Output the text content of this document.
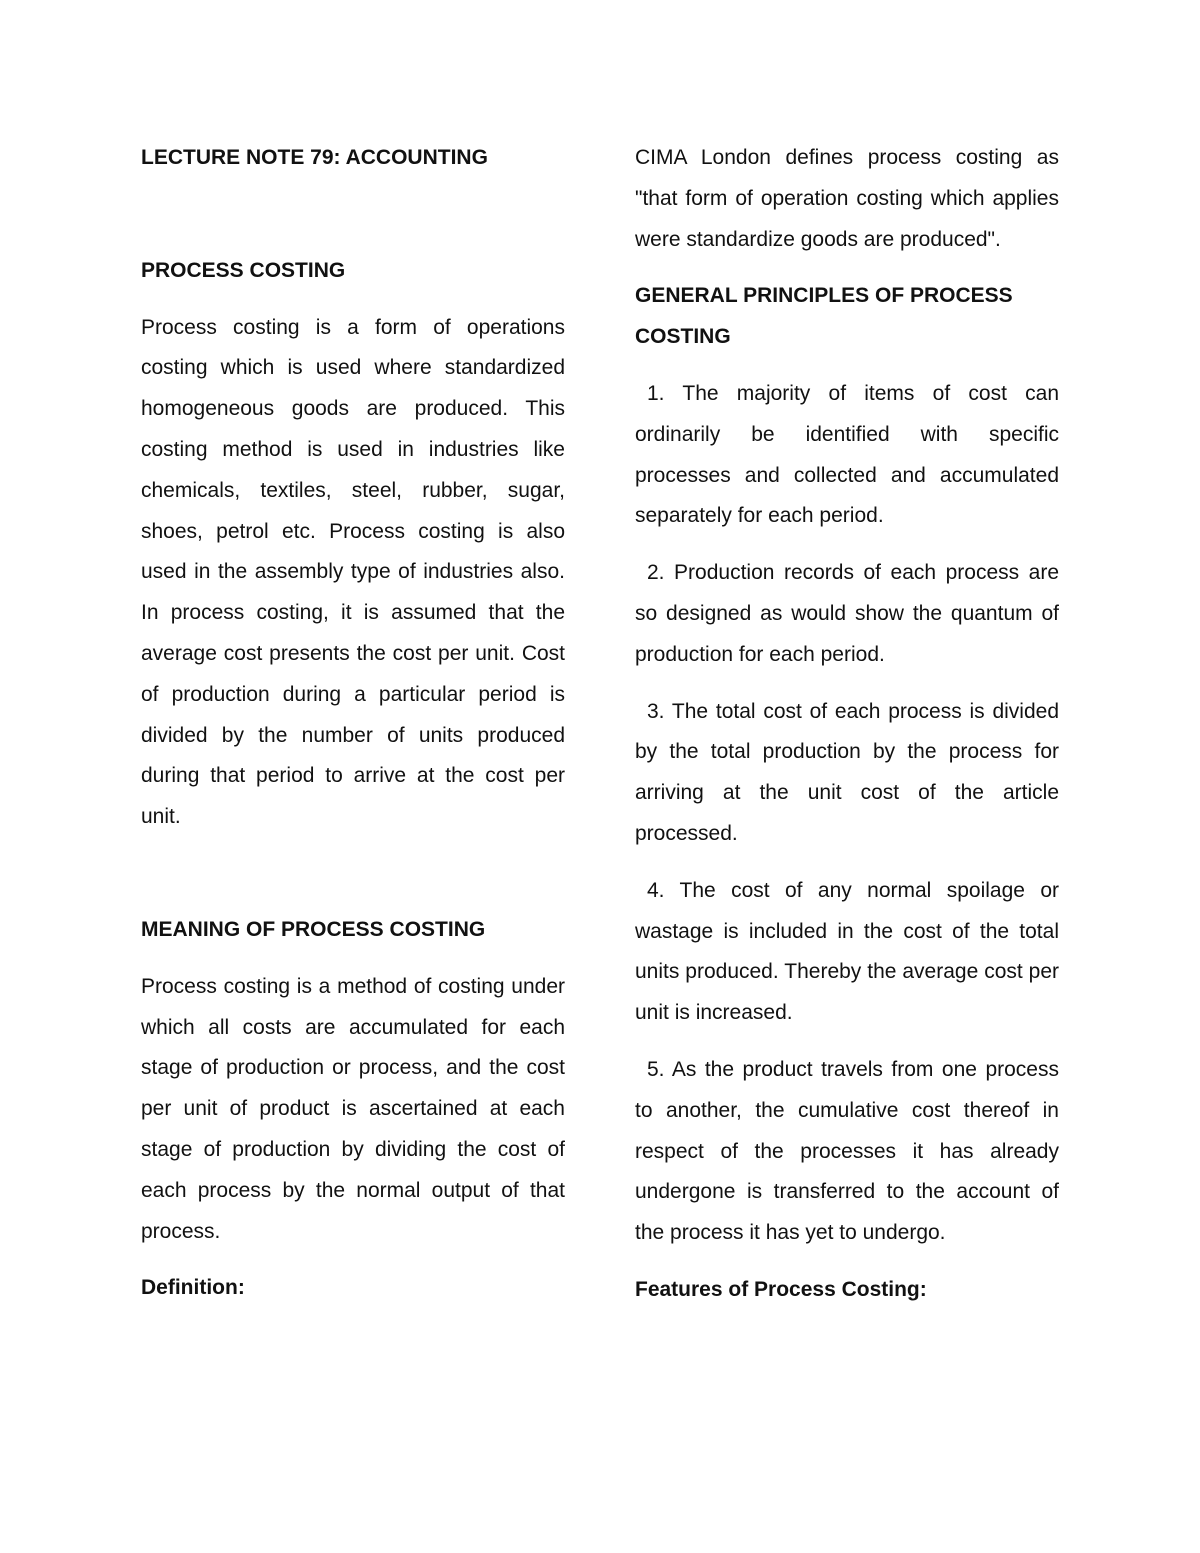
LECTURE NOTE 79: ACCOUNTING
PROCESS COSTING

Process costing is a form of operations costing which is used where standardized homogeneous goods are produced. This costing method is used in industries like chemicals, textiles, steel, rubber, sugar, shoes, petrol etc. Process costing is also used in the assembly type of industries also. In process costing, it is assumed that the average cost presents the cost per unit. Cost of production during a particular period is divided by the number of units produced during that period to arrive at the cost per unit.

MEANING OF PROCESS COSTING

Process costing is a method of costing under which all costs are accumulated for each stage of production or process, and the cost per unit of product is ascertained at each stage of production by dividing the cost of each process by the normal output of that process.

Definition:

CIMA London defines process costing as "that form of operation costing which applies were standardize goods are produced".

GENERAL PRINCIPLES OF PROCESS COSTING

1. The majority of items of cost can ordinarily be identified with specific processes and collected and accumulated separately for each period.

2. Production records of each process are so designed as would show the quantum of production for each period.

3. The total cost of each process is divided by the total production by the process for arriving at the unit cost of the article processed.

4. The cost of any normal spoilage or wastage is included in the cost of the total units produced. Thereby the average cost per unit is increased.

5. As the product travels from one process to another, the cumulative cost thereof in respect of the processes it has already undergone is transferred to the account of the process it has yet to undergo.

Features of Process Costing:
